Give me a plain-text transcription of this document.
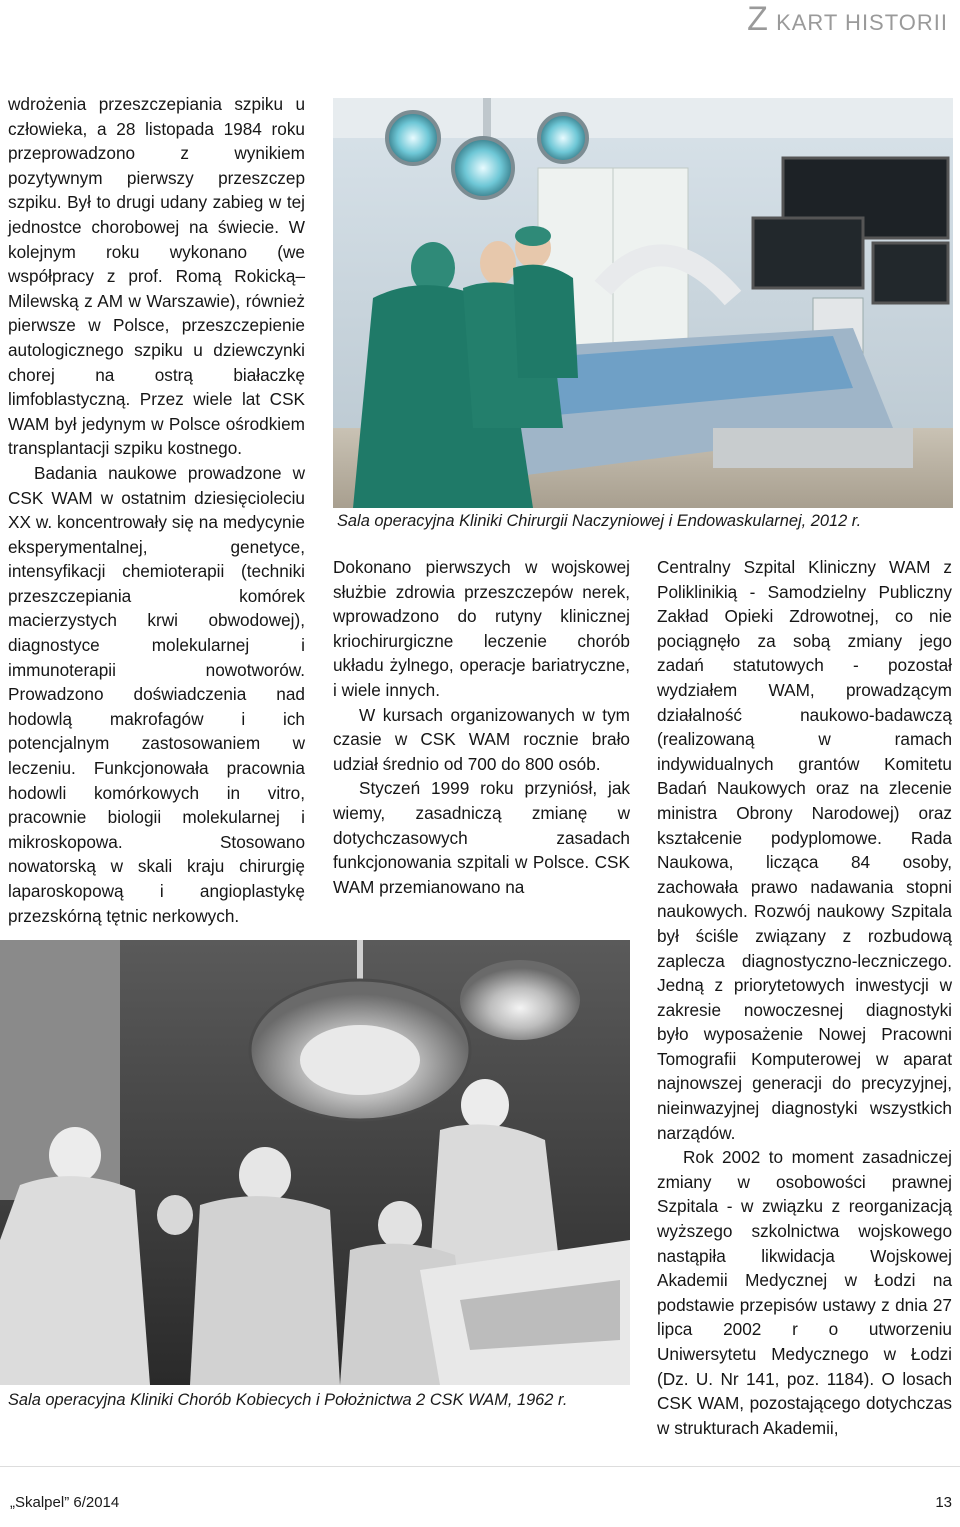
Z KART HISTORII

wdrożenia przeszczepiania szpiku u człowieka, a 28 listopada 1984 roku przeprowadzono z wynikiem pozytywnym pierwszy przeszczep szpiku. Był to drugi udany zabieg w tej jednostce chorobowej na świecie. W kolejnym roku wykonano (we współpracy z prof. Romą Rokicką–Milewską z AM w Warszawie), również pierwsze w Polsce, przeszczepienie autologicznego szpiku u dziewczynki chorej na ostrą białaczkę limfoblastyczną. Przez wiele lat CSK WAM był jedynym w Polsce ośrodkiem transplantacji szpiku kostnego.

Badania naukowe prowadzone w CSK WAM w ostatnim dziesięcioleciu XX w. koncentrowały się na medycynie eksperymentalnej, genetyce, intensyfikacji chemioterapii (techniki przeszczepiania komórek macierzystych krwi obwodowej), diagnostyce molekularnej i immunoterapii nowotworów. Prowadzono doświadczenia nad hodowlą makrofagów i ich potencjalnym zastosowaniem w leczeniu. Funkcjonowała pracownia hodowli komórkowych in vitro, pracownie biologii molekularnej i mikroskopowa. Stosowano nowatorską w skali kraju chirurgię laparoskopową i angioplastykę przezskórną tętnic nerkowych.

Sala operacyjna Kliniki Chirurgii Naczyniowej i Endowaskularnej, 2012 r.

Dokonano pierwszych w wojskowej służbie zdrowia przeszczepów nerek, wprowadzono do rutyny klinicznej kriochirurgiczne leczenie chorób układu żylnego, operacje bariatryczne, i wiele innych.

W kursach organizowanych w tym czasie w CSK WAM rocznie brało udział średnio od 700 do 800 osób.

Styczeń 1999 roku przyniósł, jak wiemy, zasadniczą zmianę w dotychczasowych zasadach funkcjonowania szpitali w Polsce. CSK WAM przemianowano na

Centralny Szpital Kliniczny WAM z Poliklinikią - Samodzielny Publiczny Zakład Opieki Zdrowotnej, co nie pociągnęło za sobą zmiany jego zadań statutowych - pozostał wydziałem WAM, prowadzącym działalność naukowo-badawczą (realizowaną w ramach indywidualnych grantów Komitetu Badań Naukowych oraz na zlecenie ministra Obrony Narodowej) oraz kształcenie podyplomowe. Rada Naukowa, licząca 84 osoby, zachowała prawo nadawania stopni naukowych. Rozwój naukowy Szpitala był ściśle związany z rozbudową zaplecza diagnostyczno-leczniczego. Jedną z priorytetowych inwestycji w zakresie nowoczesnej diagnostyki było wyposażenie Nowej Pracowni Tomografii Komputerowej w aparat najnowszej generacji do precyzyjnej, nieinwazyjnej diagnostyki wszystkich narządów.

Rok 2002 to moment zasadniczej zmiany w osobowości prawnej Szpitala - w związku z reorganizacją wyższego szkolnictwa wojskowego nastąpiła likwidacja Wojskowej Akademii Medycznej w Łodzi na podstawie przepisów ustawy z dnia 27 lipca 2002 r o utworzeniu Uniwersytetu Medycznego w Łodzi (Dz. U. Nr 141, poz. 1184). O losach CSK WAM, pozostającego dotychczas w strukturach Akademii,

Sala operacyjna Kliniki Chorób Kobiecych i Położnictwa 2 CSK WAM, 1962 r.
„Skalpel” 6/2014	13
